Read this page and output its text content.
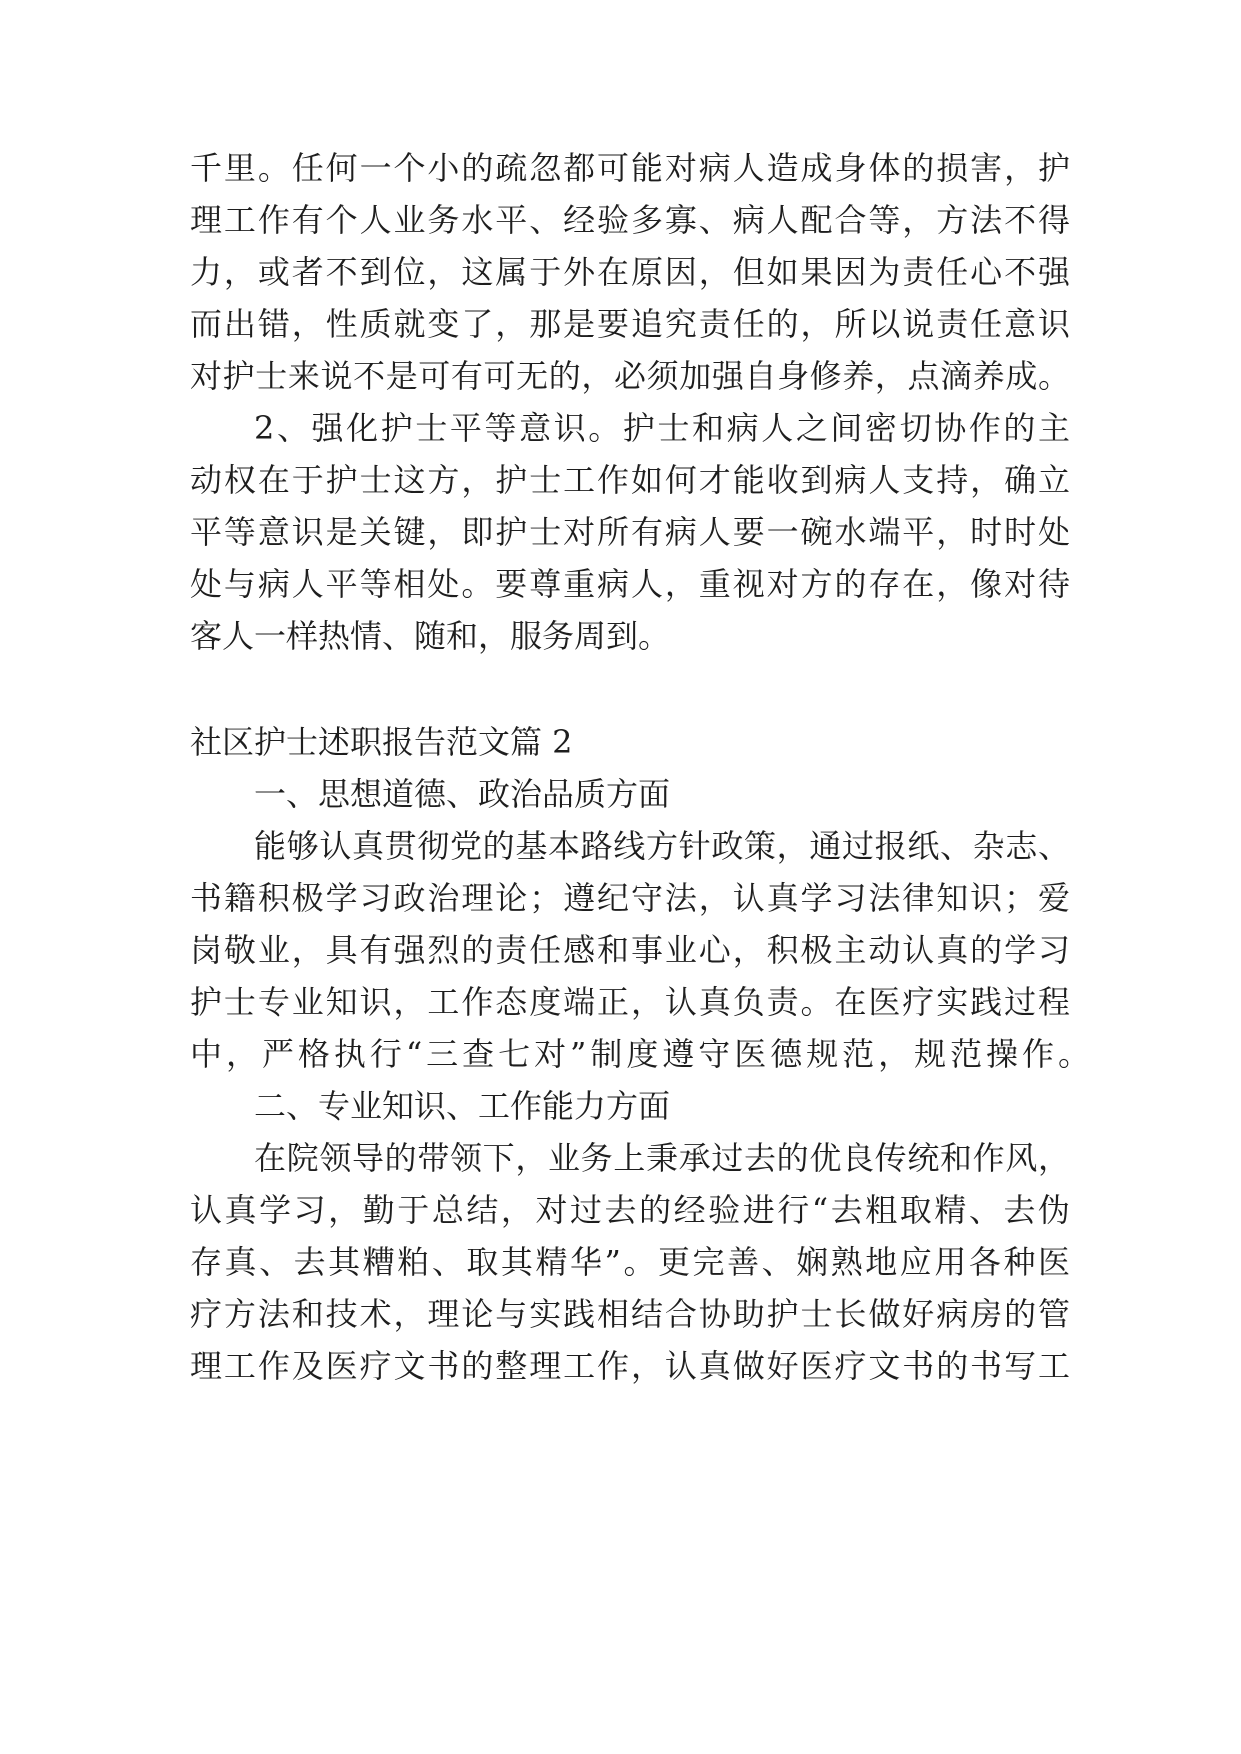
千里。任何一个小的疏忽都可能对病人造成身体的损害，护
理工作有个人业务水平、经验多寡、病人配合等，方法不得
力，或者不到位，这属于外在原因，但如果因为责任心不强
而出错，性质就变了，那是要追究责任的，所以说责任意识
对护士来说不是可有可无的，必须加强自身修养，点滴养成。
2、强化护士平等意识。护士和病人之间密切协作的主
动权在于护士这方，护士工作如何才能收到病人支持，确立
平等意识是关键，即护士对所有病人要一碗水端平，时时处
处与病人平等相处。要尊重病人，重视对方的存在，像对待
客人一样热情、随和，服务周到。
社区护士述职报告范文篇 2
一、思想道德、政治品质方面
能够认真贯彻党的基本路线方针政策，通过报纸、杂志、
书籍积极学习政治理论；遵纪守法，认真学习法律知识；爱
岗敬业，具有强烈的责任感和事业心，积极主动认真的学习
护士专业知识，工作态度端正，认真负责。在医疗实践过程
中，严格执行“三查七对”制度遵守医德规范，规范操作。
二、专业知识、工作能力方面
在院领导的带领下，业务上秉承过去的优良传统和作风，
认真学习，勤于总结，对过去的经验进行“去粗取精、去伪
存真、去其糟粕、取其精华”。更完善、娴熟地应用各种医
疗方法和技术，理论与实践相结合协助护士长做好病房的管
理工作及医疗文书的整理工作，认真做好医疗文书的书写工
